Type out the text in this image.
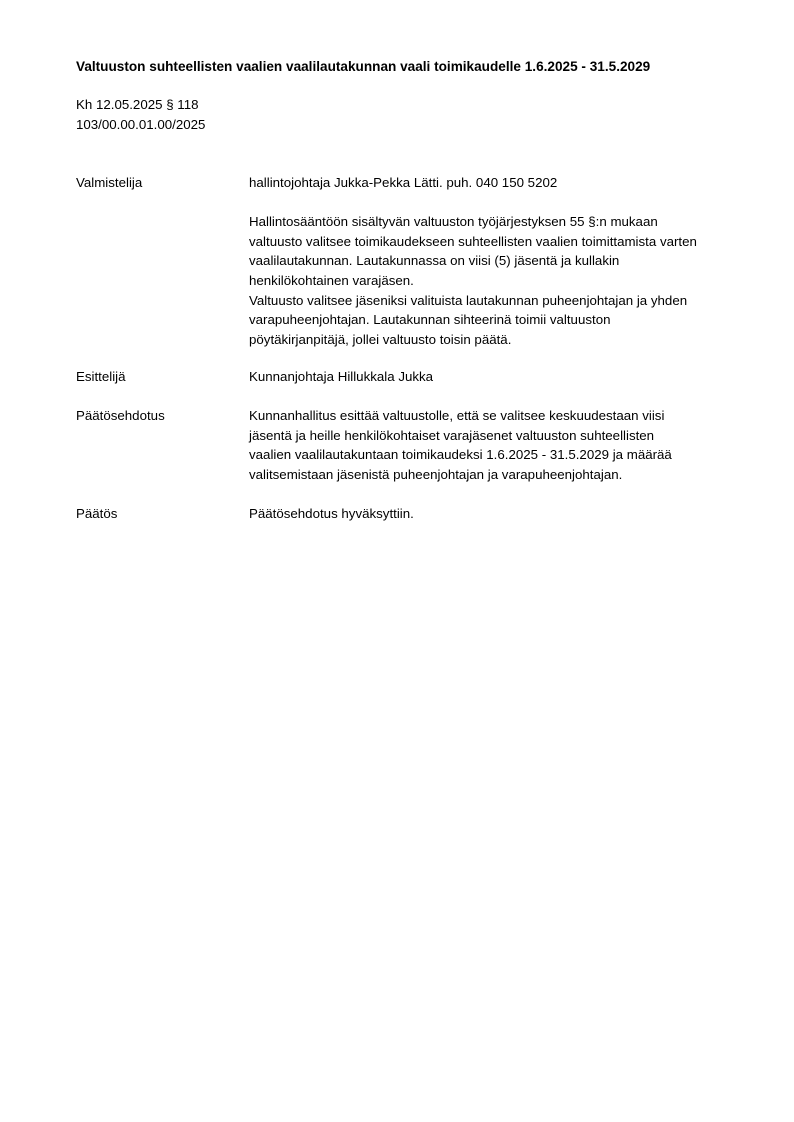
Valtuuston suhteellisten vaalien vaalilautakunnan vaali toimikaudelle 1.6.2025 - 31.5.2029
Kh 12.05.2025 § 118
103/00.00.01.00/2025
Valmistelija	hallintojohtaja Jukka-Pekka Lätti. puh. 040 150 5202
Hallintosääntöön sisältyvän valtuuston työjärjestyksen 55 §:n mukaan
valtuusto valitsee toimikaudekseen suhteellisten vaalien toimittamista varten
vaalilautakunnan. Lautakunnassa on viisi (5) jäsentä ja kullakin
henkilökohtainen varajäsen.
Valtuusto valitsee jäseniksi valituista lautakunnan puheenjohtajan ja yhden
varapuheenjohtajan. Lautakunnan sihteerinä toimii valtuuston
pöytäkirjanpitäjä, jollei valtuusto toisin päätä.
Esittelijä	Kunnanjohtaja Hillukkala Jukka
Päätösehdotus	Kunnanhallitus esittää valtuustolle, että se valitsee keskuudestaan viisi
jäsentä ja heille henkilökohtaiset varajäsenet valtuuston suhteellisten
vaalien vaalilautakuntaan toimikaudeksi 1.6.2025 - 31.5.2029 ja määrää
valitsemistaan jäsenistä puheenjohtajan ja varapuheenjohtajan.
Päätös	Päätösehdotus hyväksyttiin.
